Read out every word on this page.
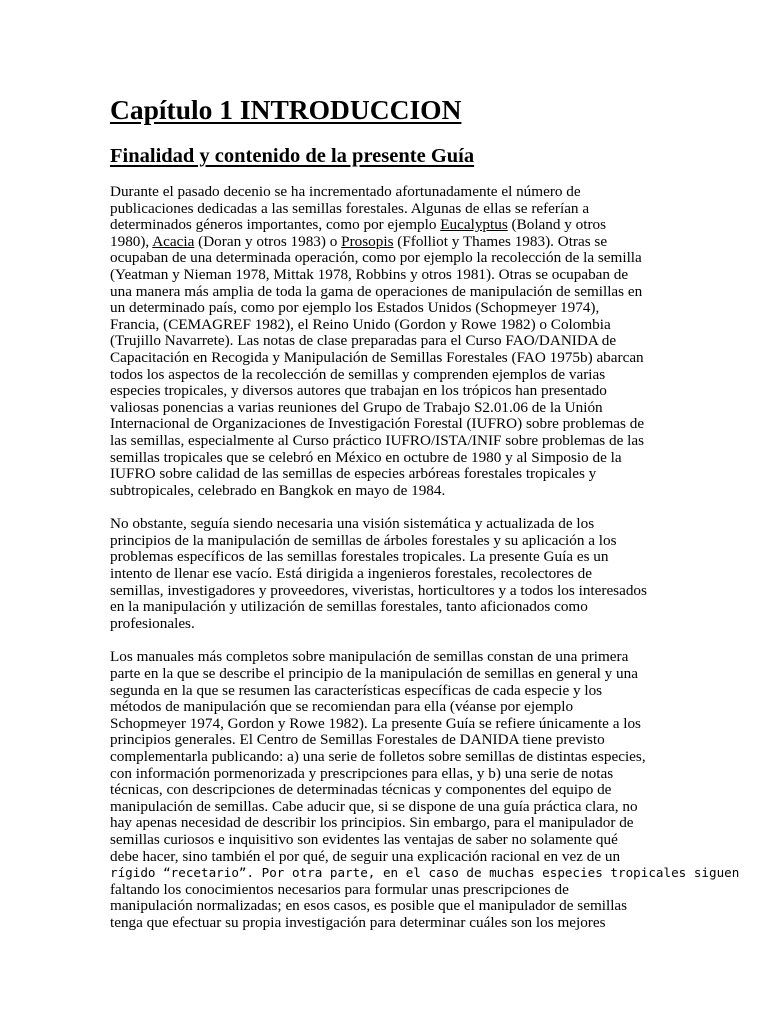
Capítulo 1 INTRODUCCION
Finalidad y contenido de la presente Guía

Durante el pasado decenio se ha incrementado afortunadamente el número de
publicaciones dedicadas a las semillas forestales. Algunas de ellas se referían a
determinados géneros importantes, como por ejemplo Eucalyptus (Boland y otros
1980), Acacia (Doran y otros 1983) o Prosopis (Ffolliot y Thames 1983). Otras se
ocupaban de una determinada operación, como por ejemplo la recolección de la semilla
(Yeatman y Nieman 1978, Mittak 1978, Robbins y otros 1981). Otras se ocupaban de
una manera más amplia de toda la gama de operaciones de manipulación de semillas en
un determinado país, como por ejemplo los Estados Unidos (Schopmeyer 1974),
Francia, (CEMAGREF 1982), el Reino Unido (Gordon y Rowe 1982) o Colombia
(Trujillo Navarrete). Las notas de clase preparadas para el Curso FAO/DANIDA de
Capacitación en Recogida y Manipulación de Semillas Forestales (FAO 1975b) abarcan
todos los aspectos de la recolección de semillas y comprenden ejemplos de varias
especies tropicales, y diversos autores que trabajan en los trópicos han presentado
valiosas ponencias a varias reuniones del Grupo de Trabajo S2.01.06 de la Unión
Internacional de Organizaciones de Investigación Forestal (IUFRO) sobre problemas de
las semillas, especialmente al Curso práctico IUFRO/ISTA/INIF sobre problemas de las
semillas tropicales que se celebró en México en octubre de 1980 y al Simposio de la
IUFRO sobre calidad de las semillas de especies arbóreas forestales tropicales y
subtropicales, celebrado en Bangkok en mayo de 1984.

No obstante, seguía siendo necesaria una visión sistemática y actualizada de los
principios de la manipulación de semillas de árboles forestales y su aplicación a los
problemas específicos de las semillas forestales tropicales. La presente Guía es un
intento de llenar ese vacío. Está dirigida a ingenieros forestales, recolectores de
semillas, investigadores y proveedores, viveristas, horticultores y a todos los interesados
en la manipulación y utilización de semillas forestales, tanto aficionados como
profesionales.

Los manuales más completos sobre manipulación de semillas constan de una primera
parte en la que se describe el principio de la manipulación de semillas en general y una
segunda en la que se resumen las características específicas de cada especie y los
métodos de manipulación que se recomiendan para ella (véanse por ejemplo
Schopmeyer 1974, Gordon y Rowe 1982). La presente Guía se refiere únicamente a los
principios generales. El Centro de Semillas Forestales de DANIDA tiene previsto
complementarla publicando: a) una serie de folletos sobre semillas de distintas especies,
con información pormenorizada y prescripciones para ellas, y b) una serie de notas
técnicas, con descripciones de determinadas técnicas y componentes del equipo de
manipulación de semillas. Cabe aducir que, si se dispone de una guía práctica clara, no
hay apenas necesidad de describir los principios. Sin embargo, para el manipulador de
semillas curiosos e inquisitivo son evidentes las ventajas de saber no solamente qué
debe hacer, sino también el por qué, de seguir una explicación racional en vez de un
rígido “recetario”. Por otra parte, en el caso de muchas especies tropicales siguen
faltando los conocimientos necesarios para formular unas prescripciones de
manipulación normalizadas; en esos casos, es posible que el manipulador de semillas
tenga que efectuar su propia investigación para determinar cuáles son los mejores
